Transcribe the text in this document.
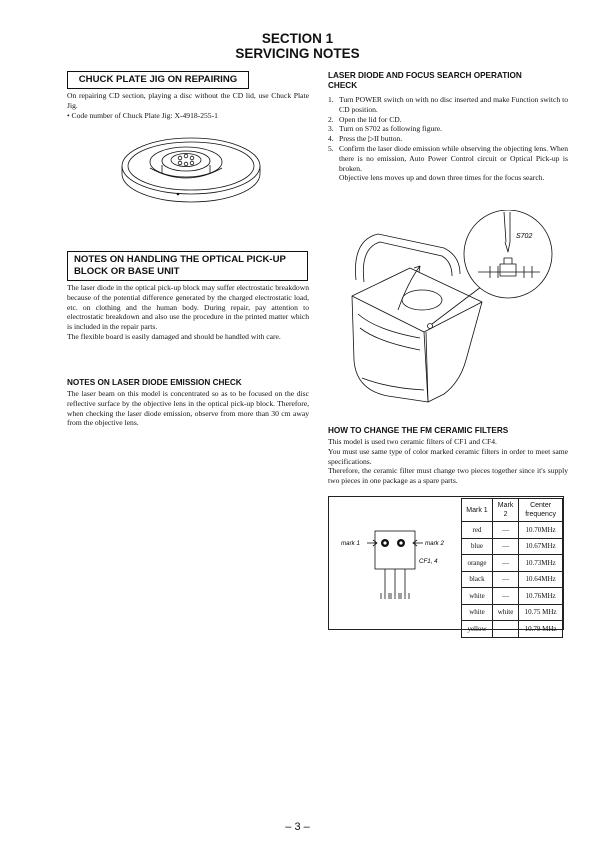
SECTION 1
SERVICING NOTES
CHUCK PLATE JIG ON REPAIRING

On repairing CD section, playing a disc without the CD lid, use Chuck Plate Jig.

• Code number of Chuck Plate Jig: X-4918-255-1

NOTES ON HANDLING THE OPTICAL PICK-UP
BLOCK OR BASE UNIT

The laser diode in the optical pick-up block may suffer electrostatic breakdown because of the potential difference generated by the charged electrostatic load, etc. on clothing and the human body. During repair, pay attention to electrostatic breakdown and also use the procedure in the printed matter which is included in the repair parts.

The flexible board is easily damaged and should be handled with care.

NOTES ON LASER DIODE EMISSION CHECK

The laser beam on this model is concentrated so as to be focused on the disc reflective surface by the objective lens in the optical pick-up block. Therefore, when checking the laser diode emission, observe from more than 30 cm away from the objective lens.

LASER DIODE AND FOCUS SEARCH OPERATION
CHECK
1. Turn POWER switch on with no disc inserted and make Function switch to CD position.
2. Open the lid for CD.
3. Turn on S702 as following figure.
4. Press the ▷II button.
5. Confirm the laser diode emission while observing the objecting lens. When there is no emission, Auto Power Control circuit or Optical Pick-up is broken.
Objective lens moves up and down three times for the focus search.
S702
HOW TO CHANGE THE FM CERAMIC FILTERS

This model is used two ceramic filters of CF1 and CF4.

You must use same type of color marked ceramic filters in order to meet same specifications.

Therefore, the ceramic filter must change two pieces together since it's supply two pieces in one package as a spare parts.

mark 1	mark 2
CF1, 4
Mark 1	Mark 2	Center frequency
red	—	10.70MHz
blue	—	10.67MHz
orange	—	10.73MHz
black	—	10.64MHz
white	—	10.76MHz
white	white	10.75 MHz
yellow	—	10.79 MHz
– 3 –
